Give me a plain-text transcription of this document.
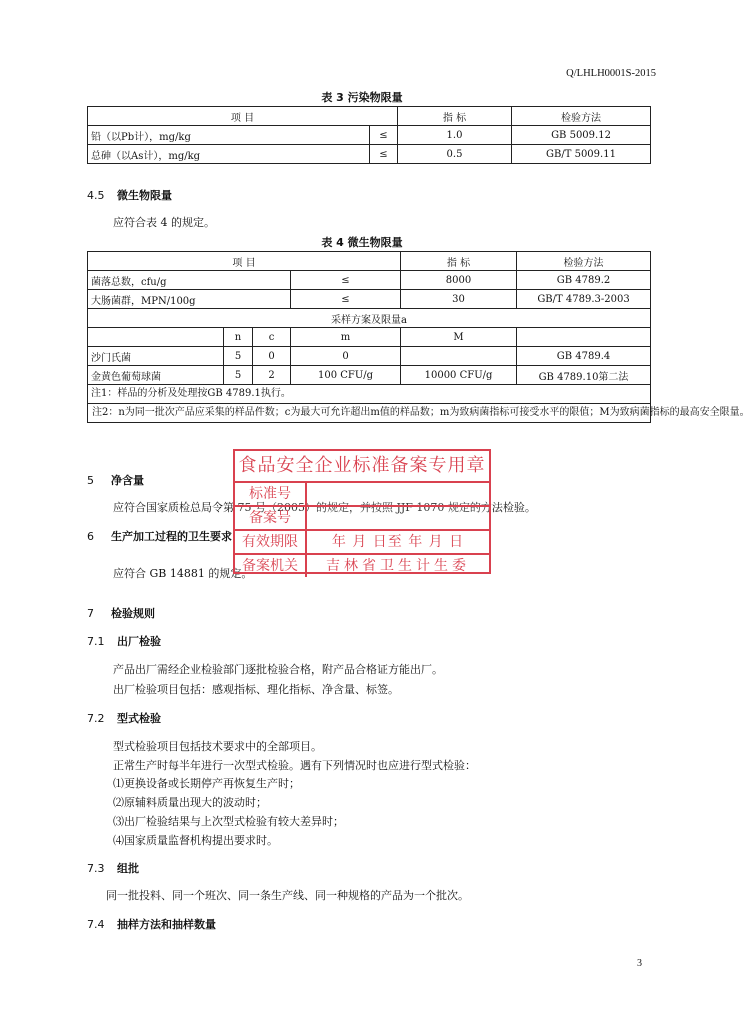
Q/LHLH0001S-2015
表 3 污染物限量
项 目		指 标	检验方法
铅（以Pb计），mg/kg	≤	1.0	GB 5009.12
总砷（以As计），mg/kg	≤	0.5	GB/T 5009.11
4.5 微生物限量
应符合表 4 的规定。
表 4 微生物限量
项 目				指 标	检验方法
菌落总数，cfu/g			≤	8000	GB 4789.2
大肠菌群，MPN/100g			≤	30	GB/T 4789.3-2003
采样方案及限量a					
	n	c	m	M	
沙门氏菌	5	0	0		GB 4789.4
金黄色葡萄球菌	5	2	100 CFU/g	10000 CFU/g	GB 4789.10第二法
注1：样品的分析及处理按GB 4789.1执行。					
注2：n为同一批次产品应采集的样品件数；c为最大可允许超出m值的样品数；m为致病菌指标可接受水平的限值；M为致病菌指标的最高安全限量。					
5 净含量
应符合国家质检总局令第 75 号（2005）的规定，并按照 JJF 1070 规定的方法检验。
6 生产加工过程的卫生要求
应符合 GB 14881 的规定。
食品安全企业标准备案专用章
标准号
备案号
有效期限	年 月 日至 年 月 日
备案机关	吉林省卫生计生委
7 检验规则
7.1 出厂检验
产品出厂需经企业检验部门逐批检验合格，附产品合格证方能出厂。
出厂检验项目包括：感观指标、理化指标、净含量、标签。
7.2 型式检验
型式检验项目包括技术要求中的全部项目。
正常生产时每半年进行一次型式检验。遇有下列情况时也应进行型式检验：
⑴更换设备或长期停产再恢复生产时；
⑵原辅料质量出现大的波动时；
⑶出厂检验结果与上次型式检验有较大差异时；
⑷国家质量监督机构提出要求时。
7.3 组批
同一批投料、同一个班次、同一条生产线、同一种规格的产品为一个批次。
7.4 抽样方法和抽样数量
3
